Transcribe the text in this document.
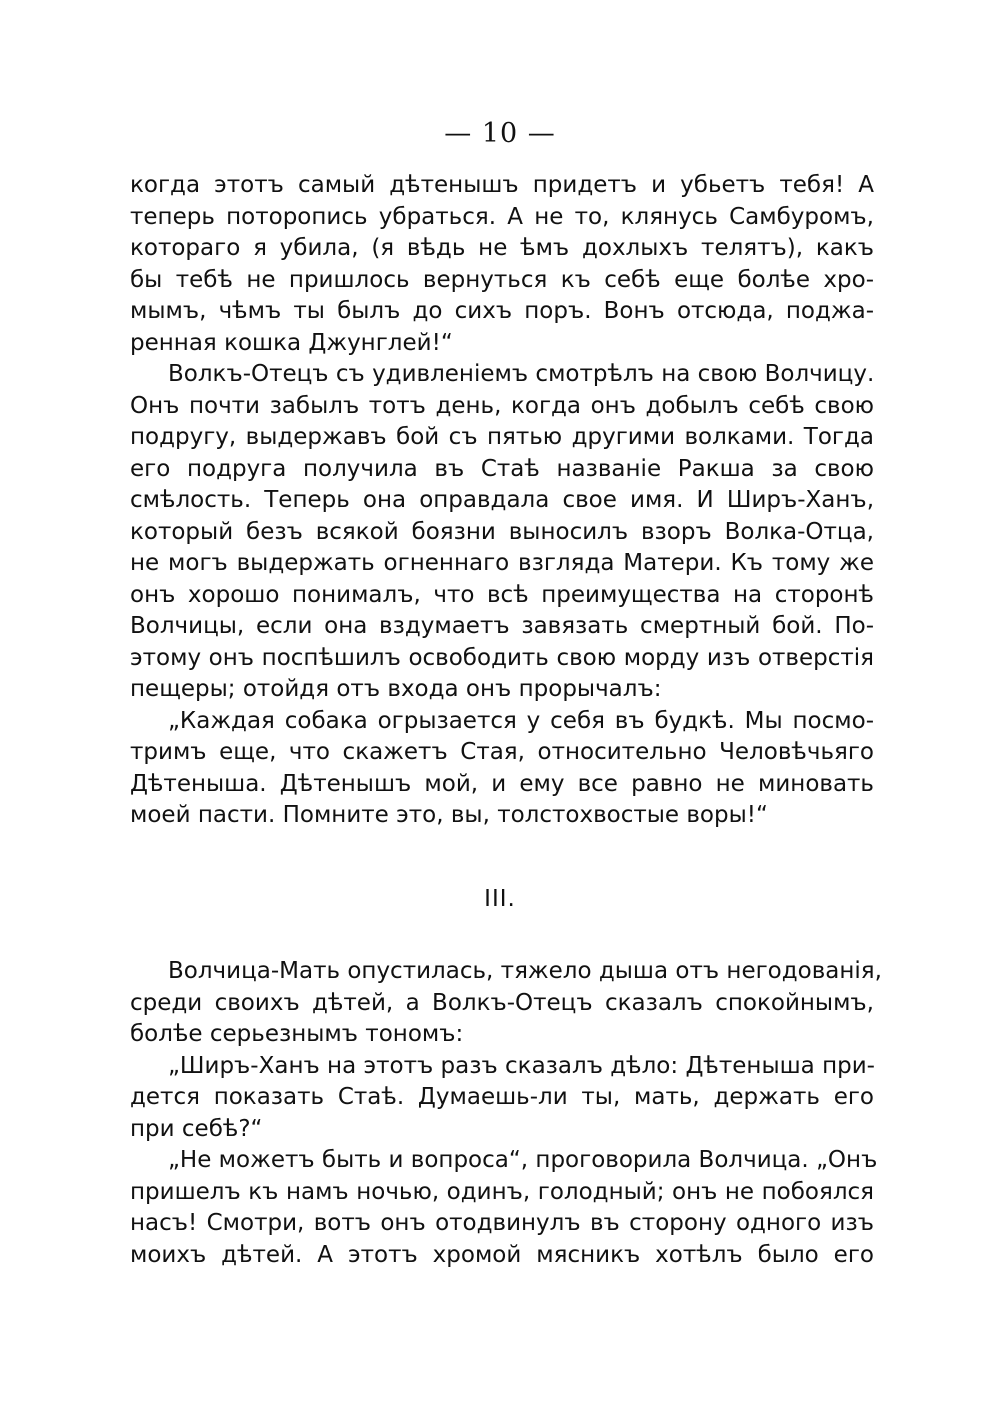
— 10 —
когда этотъ самый дѣтенышъ придетъ и убьетъ тебя! А
теперь поторопись убраться. А не то, клянусь Самбуромъ,
котораго я убила, (я вѣдь не ѣмъ дохлыхъ телятъ), какъ
бы тебѣ не пришлось вернуться къ себѣ еще болѣе хро-
мымъ, чѣмъ ты былъ до сихъ поръ. Вонъ отсюда, поджа-
ренная кошка Джунглей!“
Волкъ-Отецъ съ удивленіемъ смотрѣлъ на свою Волчицу.
Онъ почти забылъ тотъ день, когда онъ добылъ себѣ свою
подругу, выдержавъ бой съ пятью другими волками. Тогда
его подруга получила въ Стаѣ названіе Ракша за свою
смѣлость. Теперь она оправдала свое имя. И Ширъ-Ханъ,
который безъ всякой боязни выносилъ взоръ Волка-Отца,
не могъ выдержать огненнаго взгляда Матери. Къ тому же
онъ хорошо понималъ, что всѣ преимущества на сторонѣ
Волчицы, если она вздумаетъ завязать смертный бой. По-
этому онъ поспѣшилъ освободить свою морду изъ отверстія
пещеры; отойдя отъ входа онъ прорычалъ:
„Каждая собака огрызается у себя въ будкѣ. Мы посмо-
тримъ еще, что скажетъ Стая, относительно Человѣчьяго
Дѣтеныша. Дѣтенышъ мой, и ему все равно не миновать
моей пасти. Помните это, вы, толстохвостые воры!“
III.
Волчица-Мать опустилась, тяжело дыша отъ негодованія,
среди своихъ дѣтей, а Волкъ-Отецъ сказалъ спокойнымъ,
болѣе серьезнымъ тономъ:
„Ширъ-Ханъ на этотъ разъ сказалъ дѣло: Дѣтеныша при-
дется показать Стаѣ. Думаешь-ли ты, мать, держать его
при себѣ?“
„Не можетъ быть и вопроса“, проговорила Волчица. „Онъ
пришелъ къ намъ ночью, одинъ, голодный; онъ не побоялся
насъ! Смотри, вотъ онъ отодвинулъ въ сторону одного изъ
моихъ дѣтей. А этотъ хромой мясникъ хотѣлъ было его
